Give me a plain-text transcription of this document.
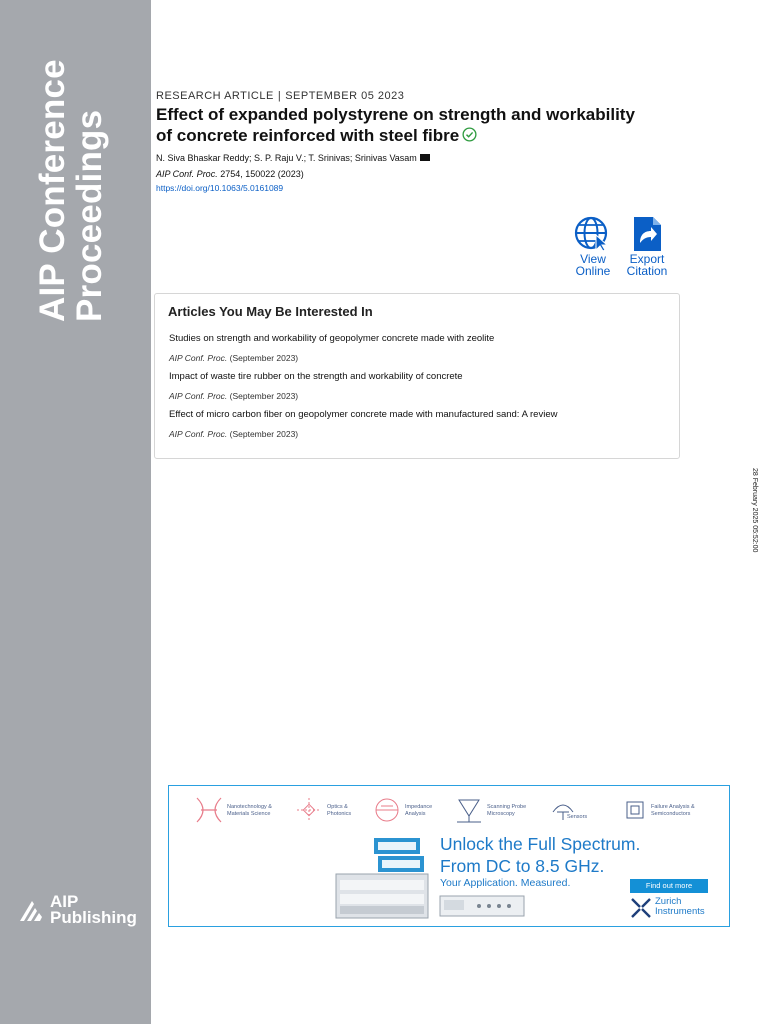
AIP Conference
Proceedings
AIP
Publishing
RESEARCH ARTICLE | SEPTEMBER 05 2023
Effect of expanded polystyrene on strength and workability
of concrete reinforced with steel fibre
N. Siva Bhaskar Reddy; S. P. Raju V.; T. Srinivas; Srinivas Vasam
AIP Conf. Proc. 2754, 150022 (2023)
https://doi.org/10.1063/5.0161089
View
Online
Export
Citation
Articles You May Be Interested In
Studies on strength and workability of geopolymer concrete made with zeolite
AIP Conf. Proc. (September 2023)
Impact of waste tire rubber on the strength and workability of concrete
AIP Conf. Proc. (September 2023)
Effect of micro carbon fiber on geopolymer concrete made with manufactured sand: A review
AIP Conf. Proc. (September 2023)
28 February 2025 05:52:00
Nanotechnology &
Materials Science
Optics &
Photonics
Impedance
Analysis
Scanning Probe
Microscopy	Sensors
Failure Analysis &
Semiconductors
Unlock the Full Spectrum.
From DC to 8.5 GHz.
Your Application. Measured.	Find out more
Zurich
Instruments
